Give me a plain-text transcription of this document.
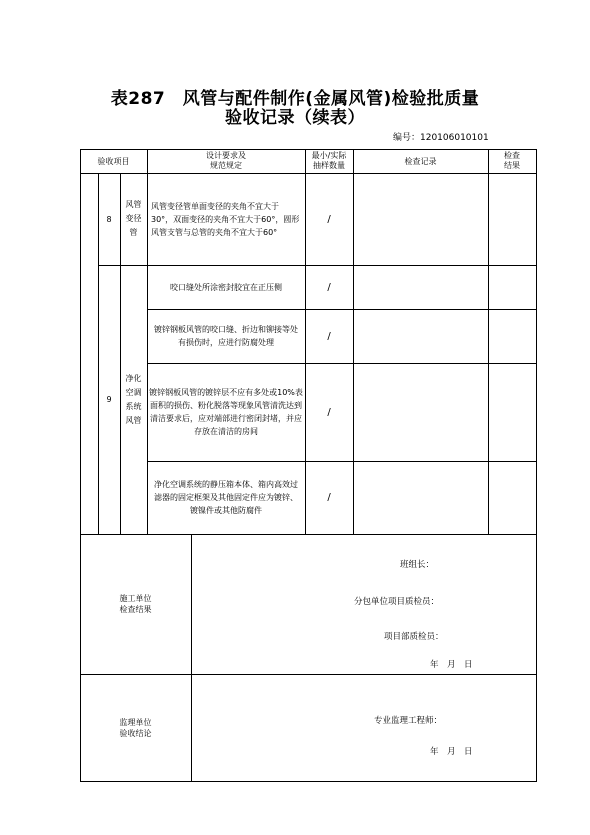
表287　风管与配件制作(金属风管)检验批质量
验收记录（续表）
编号：120106010101
验收项目
设计要求及
规范规定
最小/实际
抽样数量	检查记录
检查
结果
8
风管
变径
管
风管变径管单面变径的夹角不宜大于30°，双面变径的夹角不宜大于60°，圆形风管支管与总管的夹角不宜大于60°
/
9
净化
空调
系统
风管
咬口缝处所涂密封胶宜在正压侧	/
镀锌钢板风管的咬口缝、折边和铆接等处有损伤时，应进行防腐处理
/
镀锌钢板风管的镀锌层不应有多处或10%表面积的损伤、粉化脱落等现象风管清洗达到清洁要求后，应对端部进行密闭封堵，并应存放在清洁的房间
/
净化空调系统的静压箱本体、箱内高效过滤器的固定框架及其他固定件应为镀锌、镀镍件或其他防腐件
/
施工单位
检查结果
班组长：
分包单位项目质检员：
项目部质检员：
年　月　日
监理单位
验收结论
专业监理工程师：
年　月　日
